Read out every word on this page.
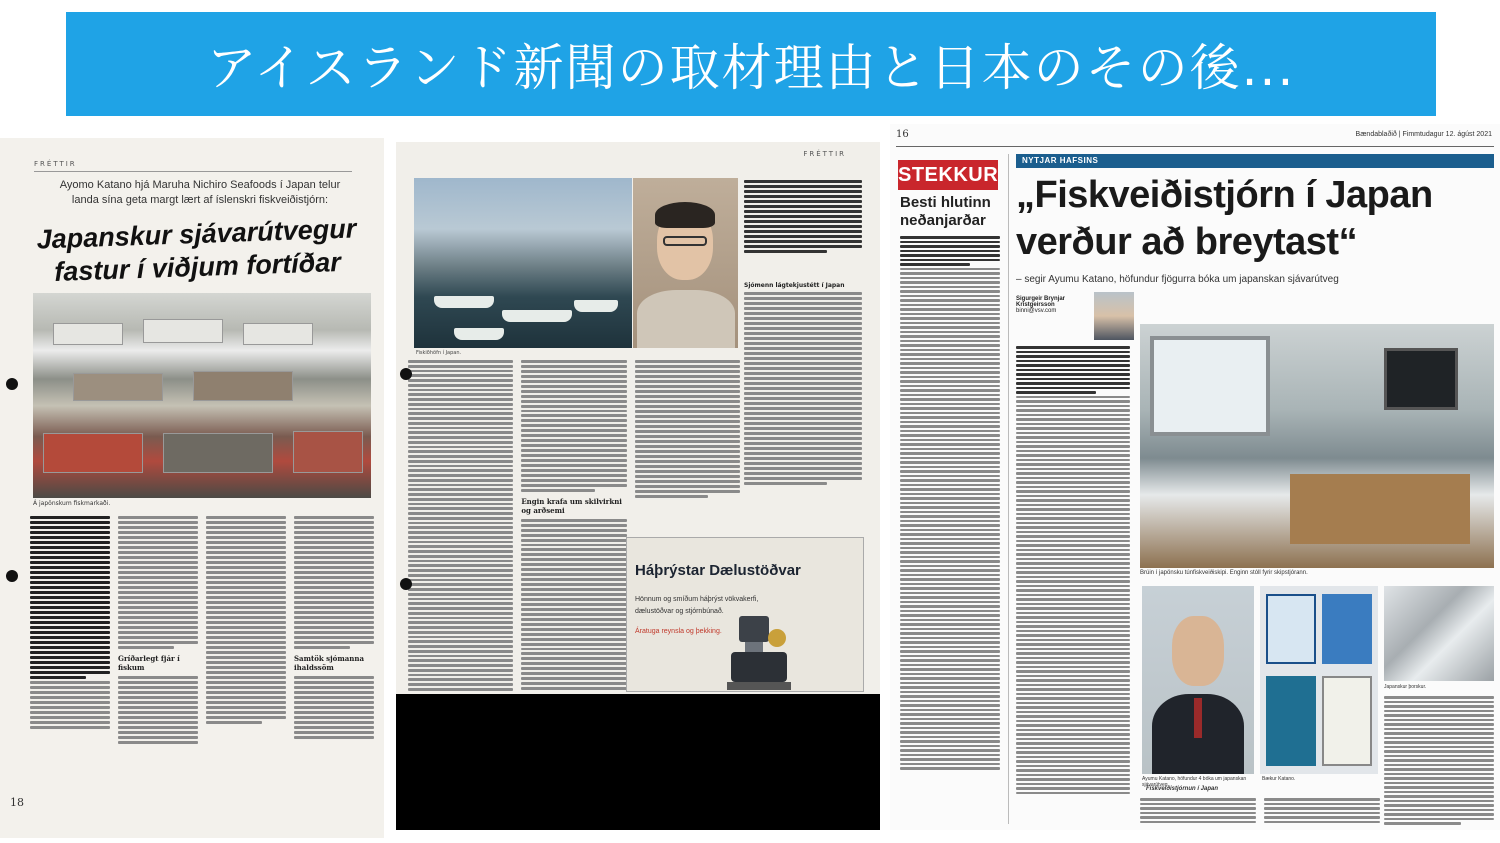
アイスランド新聞の取材理由と日本のその後...
FRÉTTIR
Ayomo Katano hjá Maruha Nichiro Seafoods í Japan telur landa sína geta margt lært af íslenskri fiskveiðistjórn:
Japanskur sjávarútvegur
fastur í viðjum fortíðar
Á japönskum fiskmarkaði.
Gríðarlegt fjár í fiskum
Samtök sjómanna ihaldssöm
18
FRÉTTIR
Fiskiðhöfn í Japan.
Sjómenn lágtekjustétt í Japan
Engin krafa um skilvirkni og arðsemi
Háþrýstar Dælustöðvar
Hönnum og smíðum háþrýst vökvakerfi,
dælustöðvar og stjórnbúnað.
Áratuga reynsla og þekking.
16	Bændablaðið | Fimmtudagur 12. ágúst 2021
STEKKUR
Besti hlutinn neðanjarðar
NYTJAR HAFSINS
„Fiskveiðistjórn í Japan
verður að breytast“
– segir Ayumu Katano, höfundur fjögurra bóka um japanskan sjávarútveg
Sigurgeir Brynjar Kristgeirsson
binni@vsv.com
Brúin í japönsku túnfiskveiðiskipi. Enginn stóll fyrir skipstjórann.
Ayumu Katano, höfundur 4 bóka um japanskan sjávarútveg.
Bækur Katano.
Japanskur þorskur.
Fiskveiðistjórnun í Japan
